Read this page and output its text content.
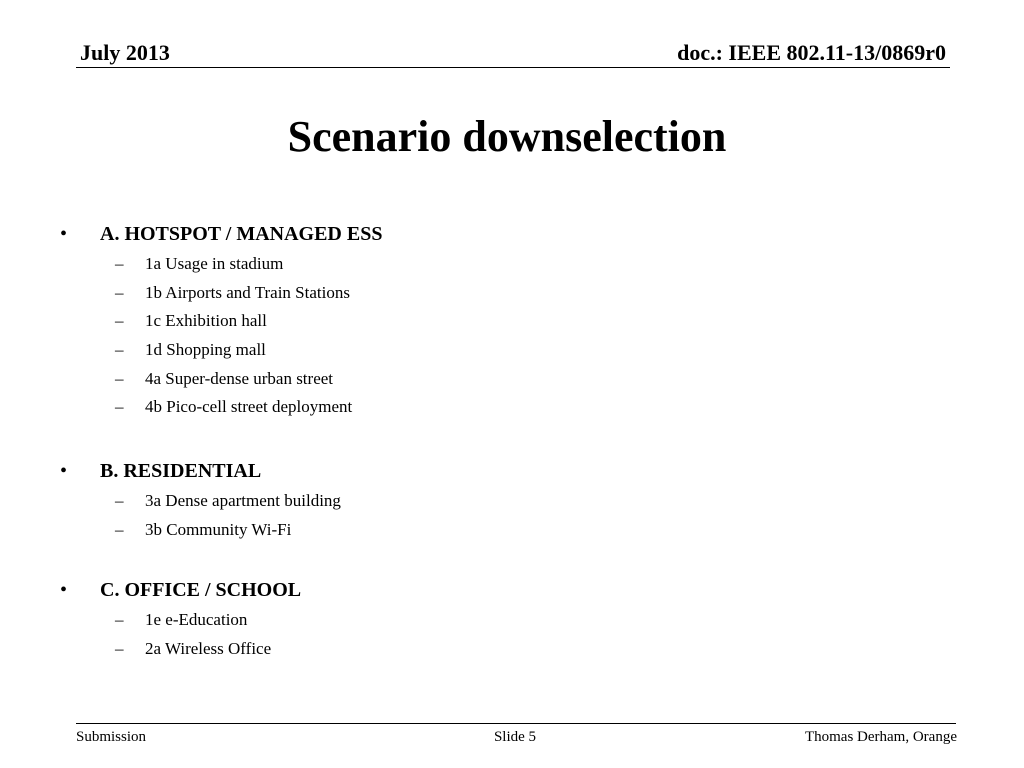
July 2013	doc.: IEEE 802.11-13/0869r0
Scenario downselection
• A. HOTSPOT / MANAGED ESS
– 1a Usage in stadium
– 1b Airports and Train Stations
– 1c Exhibition hall
– 1d Shopping mall
– 4a Super-dense urban street
– 4b Pico-cell street deployment
• B. RESIDENTIAL
– 3a Dense apartment building
– 3b Community Wi-Fi
• C. OFFICE / SCHOOL
– 1e e-Education
– 2a Wireless Office
Submission	Slide 5	Thomas Derham, Orange
